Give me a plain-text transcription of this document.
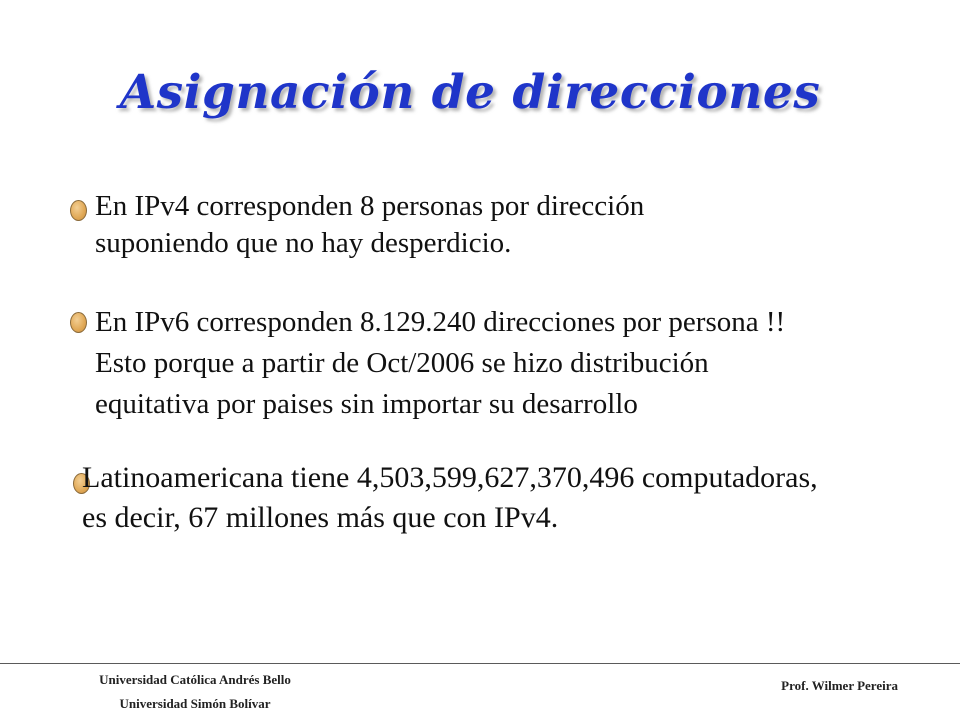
Asignación de direcciones
En IPv4 corresponden 8 personas por dirección
suponiendo que no hay desperdicio.
En IPv6 corresponden 8.129.240 direcciones por persona !!
Esto porque a partir de Oct/2006 se hizo distribución
equitativa por paises sin importar su desarrollo
Latinoamericana tiene 4,503,599,627,370,496 computadoras,
es decir, 67 millones más que con IPv4.
Universidad Católica Andrés Bello
Universidad Simón Bolívar
Prof. Wilmer Pereira
